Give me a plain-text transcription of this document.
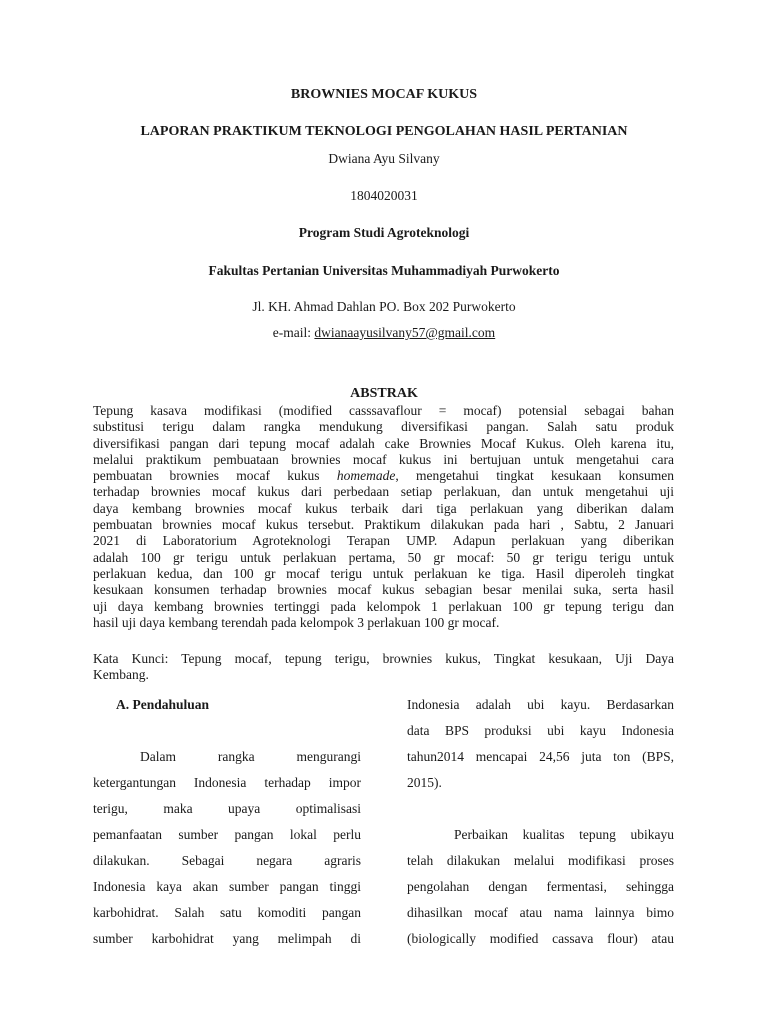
BROWNIES MOCAF KUKUS
LAPORAN PRAKTIKUM TEKNOLOGI PENGOLAHAN HASIL PERTANIAN
Dwiana Ayu Silvany
1804020031
Program Studi Agroteknologi
Fakultas Pertanian Universitas Muhammadiyah Purwokerto
Jl. KH. Ahmad Dahlan PO. Box 202 Purwokerto
e-mail: dwianaayusilvany57@gmail.com
ABSTRAK
Tepung kasava modifikasi (modified casssavaflour = mocaf) potensial sebagai bahan
substitusi terigu dalam rangka mendukung diversifikasi pangan. Salah satu produk
diversifikasi pangan dari tepung mocaf adalah cake Brownies Mocaf Kukus. Oleh karena itu,
melalui praktikum pembuataan brownies mocaf kukus ini bertujuan untuk mengetahui cara
pembuatan brownies mocaf kukus homemade, mengetahui tingkat kesukaan konsumen
terhadap brownies mocaf kukus dari perbedaan setiap perlakuan, dan untuk mengetahui uji
daya kembang brownies mocaf kukus terbaik dari tiga perlakuan yang diberikan dalam
pembuatan brownies mocaf kukus tersebut. Praktikum dilakukan pada hari , Sabtu, 2 Januari
2021 di Laboratorium Agroteknologi Terapan UMP. Adapun perlakuan yang diberikan
adalah 100 gr terigu untuk perlakuan pertama, 50 gr mocaf: 50 gr terigu terigu untuk
perlakuan kedua, dan 100 gr mocaf terigu untuk perlakuan ke tiga. Hasil diperoleh tingkat
kesukaan konsumen terhadap brownies mocaf kukus sebagian besar menilai suka, serta hasil
uji daya kembang brownies tertinggi pada kelompok 1 perlakuan 100 gr tepung terigu dan
hasil uji daya kembang terendah pada kelompok 3 perlakuan 100 gr mocaf.
Kata Kunci: Tepung mocaf, tepung terigu, brownies kukus, Tingkat kesukaan, Uji Daya
Kembang.
A. Pendahuluan
Dalam rangka mengurangi
ketergantungan Indonesia terhadap impor
terigu, maka upaya optimalisasi
pemanfaatan sumber pangan lokal perlu
dilakukan. Sebagai negara agraris
Indonesia kaya akan sumber pangan tinggi
karbohidrat. Salah satu komoditi pangan
sumber karbohidrat yang melimpah di
Indonesia adalah ubi kayu. Berdasarkan
data BPS produksi ubi kayu Indonesia
tahun2014 mencapai 24,56 juta ton (BPS,
2015).
Perbaikan kualitas tepung ubikayu
telah dilakukan melalui modifikasi proses
pengolahan dengan fermentasi, sehingga
dihasilkan mocaf atau nama lainnya bimo
(biologically modified cassava flour) atau
